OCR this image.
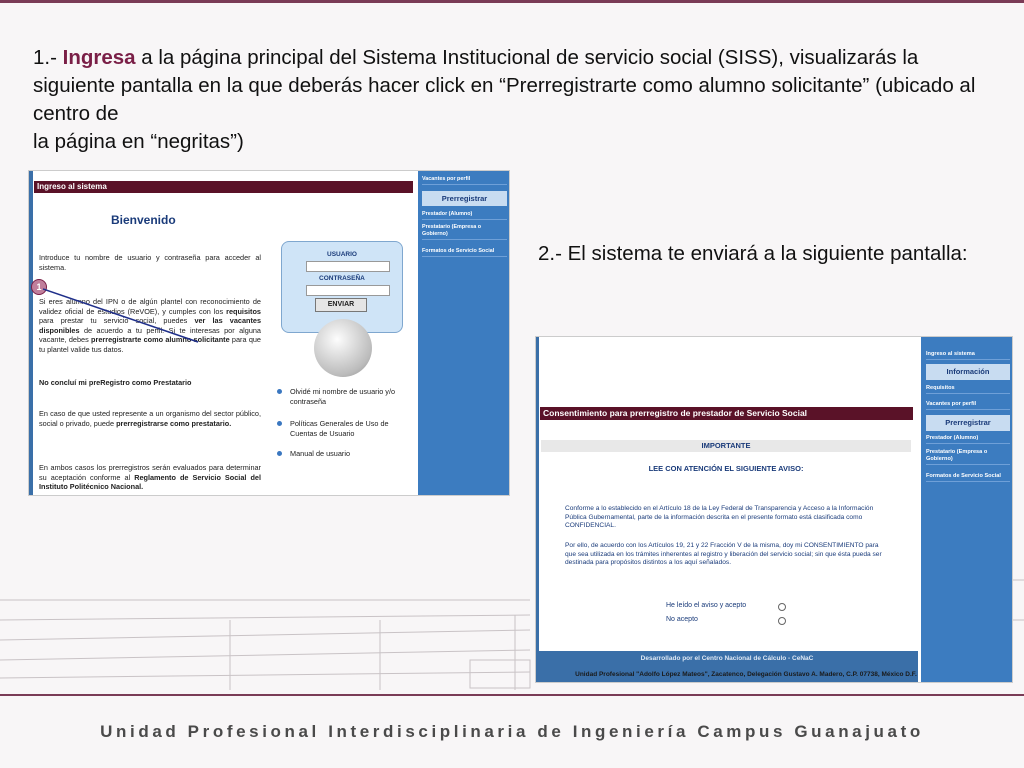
1.- Ingresa a la página principal del Sistema Institucional de servicio social (SISS), visualizarás la siguiente pantalla en la que deberás hacer click en “Prerregistrarte como alumno solicitante” (ubicado al centro de
la página en “negritas”)
Ingreso al sistema
Bienvenido
Introduce tu nombre de usuario y contraseña para acceder al sistema.
Si eres alumno del IPN o de algún plantel con reconocimiento de validez oficial de estudios (ReVOE), y cumples con los requisitos para prestar tu servicio social, puedes ver las vacantes disponibles de acuerdo a tu perfil. Si te interesas por alguna vacante, debes prerregistrarte como alumno solicitante para que tu plantel valide tus datos.
No concluí mi preRegistro como Prestatario
En caso de que usted represente a un organismo del sector público, social o privado, puede prerregistrarse como prestatario.
En ambos casos los prerregistros serán evaluados para determinar su aceptación conforme al Reglamento de Servicio Social del Instituto Politécnico Nacional.
1
USUARIO
CONTRASEÑA
ENVIAR
Olvidé mi nombre de usuario y/o contraseña
Políticas Generales de Uso de Cuentas de Usuario
Manual de usuario
Vacantes por perfil
Prerregistrar
Prestador (Alumno)
Prestatario (Empresa o Gobierno)
Formatos de Servicio Social	2.- El sistema te enviará a la siguiente pantalla:
Consentimiento para prerregistro de prestador de Servicio Social
IMPORTANTE
LEE CON ATENCIÓN EL SIGUIENTE AVISO:
Conforme a lo establecido en el Artículo 18 de la Ley Federal de Transparencia y Acceso a la Información Pública Gubernamental, parte de la información descrita en el presente formato está clasificada como CONFIDENCIAL.
Por ello, de acuerdo con los Artículos 19, 21 y 22 Fracción V de la misma, doy mi CONSENTIMIENTO para que sea utilizada en los trámites inherentes al registro y liberación del servicio social; sin que ésta pueda ser destinada para propósitos distintos a los aquí señalados.
He leído el aviso y acepto
No acepto
Desarrollado por el Centro Nacional de Cálculo - CeNaC
Unidad Profesional "Adolfo López Mateos", Zacatenco, Delegación Gustavo A. Madero, C.P. 07738, México D.F.
Ingreso al sistema
Información
Requisitos
Vacantes por perfil
Prerregistrar
Prestador (Alumno)
Prestatario (Empresa o Gobierno)
Formatos de Servicio Social
Unidad Profesional Interdisciplinaria de Ingeniería Campus Guanajuato
